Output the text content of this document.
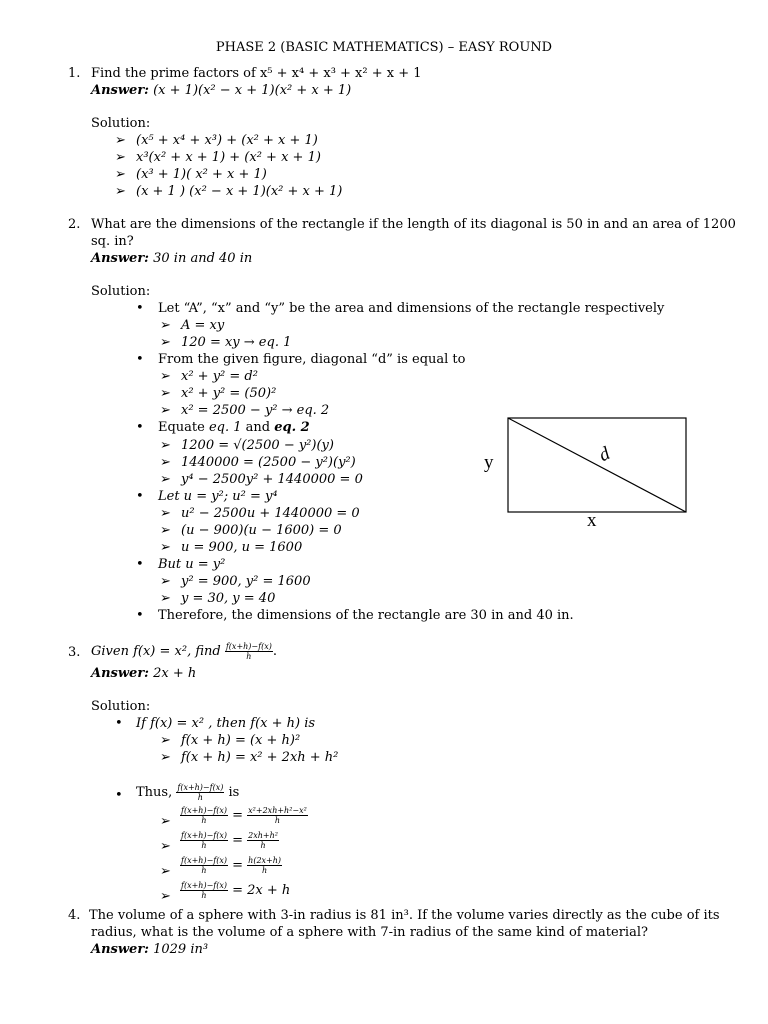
PHASE 2 (BASIC MATHEMATICS) – EASY ROUND
1. Find the prime factors of x⁵ + x⁴ + x³ + x² + x + 1
Answer: (x + 1)(x² − x + 1)(x² + x + 1)
Solution:
➢ (x⁵ + x⁴ + x³) + (x² + x + 1)
➢ x³(x² + x + 1) + (x² + x + 1)
➢ (x³ + 1)( x² + x + 1)
➢ (x + 1 ) (x² − x + 1)(x² + x + 1)
2. What are the dimensions of the rectangle if the length of its diagonal is 50 in and an area of 1200
sq. in?
Answer: 30 in and 40 in
Solution:
• Let “A”, “x” and “y” be the area and dimensions of the rectangle respectively
➢ A = xy
➢ 120 = xy → eq. 1
• From the given figure, diagonal “d” is equal to
➢ x² + y² = d²
➢ x² + y² = (50)²
➢ x² = 2500 − y² → eq. 2
• Equate eq. 1 and eq. 2
➢ 1200 = √(2500 − y²)(y)
➢ 1440000 = (2500 − y²)(y²)
➢ y⁴ − 2500y² + 1440000 = 0
• Let u = y²; u² = y⁴
➢ u² − 2500u + 1440000 = 0
➢ (u − 900)(u − 1600) = 0
➢ u = 900, u = 1600
• But u = y²
➢ y² = 900, y² = 1600
➢ y = 30, y = 40
• Therefore, the dimensions of the rectangle are 30 in and 40 in.
y	d
x
3. Given f(x) = x², find $\frac{f(x+h)-f(x)}{h}$ .
Answer: 2x + h
Solution:
• If f(x) = x² , then f(x + h) is
➢ f(x + h) = (x + h)²
➢ f(x + h) = x² + 2xh + h²
• Thus, $\frac{f(x+h)-f(x)}{h}$ is
➢ $\frac{f(x+h)-f(x)}{h} = \frac{\text{x²+2xh+h²−x²}}{h}$
➢ $\frac{f(x+h)-f(x)}{h} = \frac{\text{2xh+h²}}{h}$
➢ $\frac{f(x+h)-f(x)}{h} = \frac{h(2x+h)}{h}$
➢ $\frac{f(x+h)-f(x)}{h} = 2x + h$
4. The volume of a sphere with 3-in radius is 81 in³. If the volume varies directly as the cube of its
radius, what is the volume of a sphere with 7-in radius of the same kind of material?
Answer: 1029 in³
